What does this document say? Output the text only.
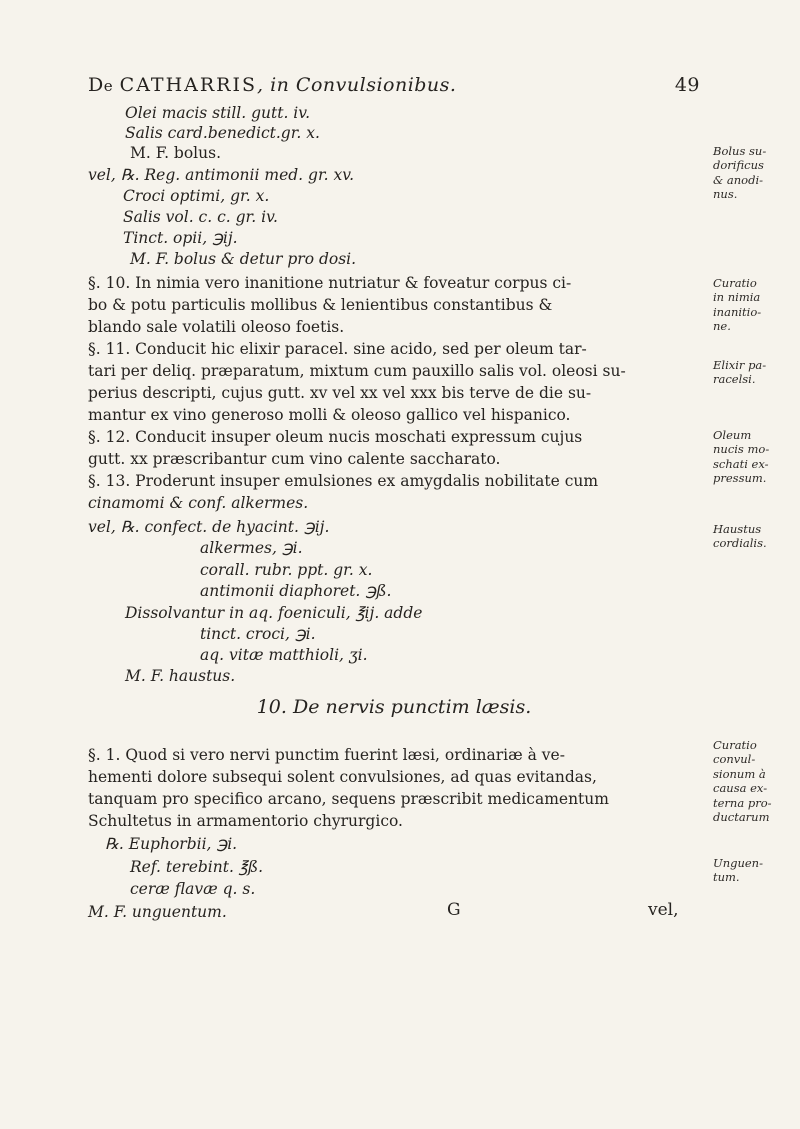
De CATHARRIS, in Convulsionibus.	49
Olei macis still. gutt. iv.
Salis card.benedict.gr. x.
M. F. bolus.
vel, ℞. Reg. antimonii med. gr. xv.
Croci optimi, gr. x.
Salis vol. c. c. gr. iv.
Tinct. opii, ℈ij.
M. F. bolus & detur pro dosi.
§. 10. In nimia vero inanitione nutriatur & foveatur corpus ci-
bo & potu particulis mollibus & lenientibus constantibus &
blando sale volatili oleoso foetis.
§. 11. Conducit hic elixir paracel. sine acido, sed per oleum tar-
tari per deliq. præparatum, mixtum cum pauxillo salis vol. oleosi su-
perius descripti, cujus gutt. xv vel xx vel xxx bis terve de die su-
mantur ex vino generoso molli & oleoso gallico vel hispanico.
§. 12. Conducit insuper oleum nucis moschati expressum cujus
gutt. xx præscribantur cum vino calente saccharato.
§. 13. Proderunt insuper emulsiones ex amygdalis nobilitate cum
cinamomi & conf. alkermes.
vel, ℞. confect. de hyacint. ℈ij.
alkermes, ℈i.
corall. rubr. ppt. gr. x.
antimonii diaphoret. ℈ß.
Dissolvantur in aq. foeniculi, ℥ij. adde
tinct. croci, ℈i.
aq. vitæ matthioli, ʒi.
M. F. haustus.
10. De nervis punctim læsis.
§. 1. Quod si vero nervi punctim fuerint læsi, ordinariæ à ve-
hementi dolore subsequi solent convulsiones, ad quas evitandas,
tanquam pro specifico arcano, sequens præscribit medicamentum
Schultetus in armamentorio chyrurgico.
℞. Euphorbii, ℈i.
Ref. terebint. ℥ß.
ceræ flavæ q. s.
M. F. unguentum.	G	vel,
Bolus su-
dorificus
& anodi-
nus.
Curatio
in nimia
inanitio-
ne.
Elixir pa-
racelsi.
Oleum
nucis mo-
schati ex-
pressum.
Haustus
cordialis.
Curatio
convul-
sionum à
causa ex-
terna pro-
ductarum
Unguen-
tum.
